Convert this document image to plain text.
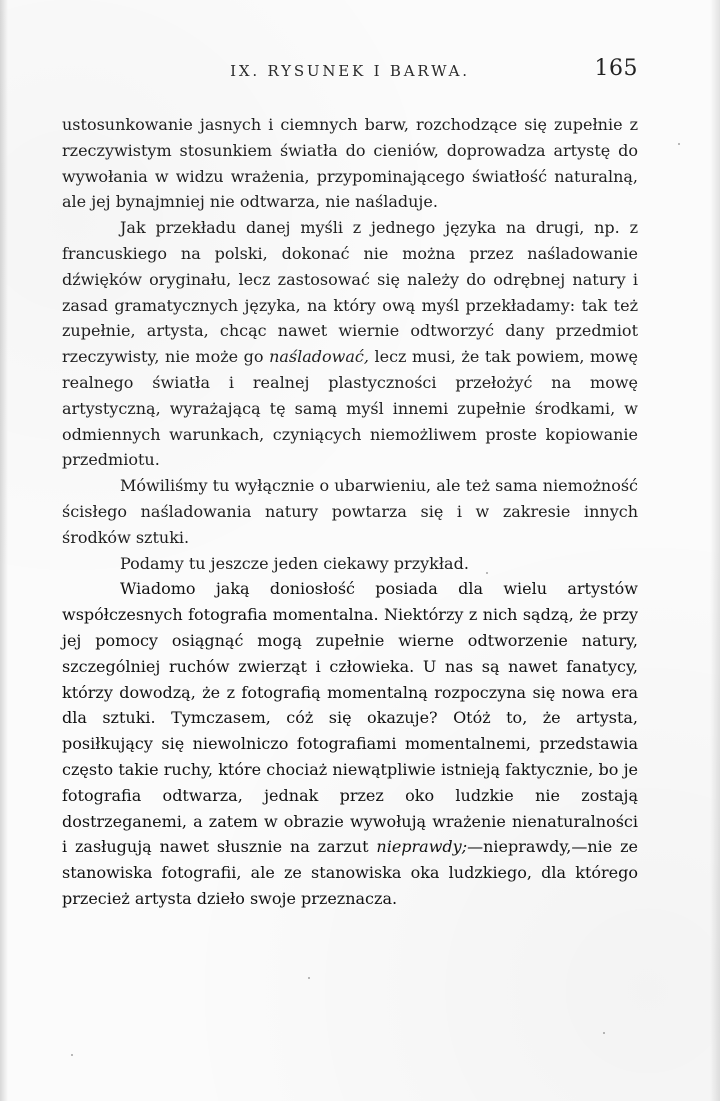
IX. RYSUNEK I BARWA.	165

ustosunkowanie jasnych i ciemnych barw, rozchodzące się zupełnie z rzeczywistym stosunkiem światła do cieniów, doprowadza artystę do wywołania w widzu wrażenia, przypominającego światłość naturalną, ale jej bynajmniej nie odtwarza, nie naśladuje.

Jak przekładu danej myśli z jednego języka na drugi, np. z francuskiego na polski, dokonać nie można przez naśladowanie dźwięków oryginału, lecz zastosować się należy do odrębnej natury i zasad gramatycznych języka, na który ową myśl przekładamy: tak też zupełnie, artysta, chcąc nawet wiernie odtworzyć dany przedmiot rzeczywisty, nie może go naśladować, lecz musi, że tak powiem, mowę realnego światła i realnej plastyczności przełożyć na mowę artystyczną, wyrażającą tę samą myśl innemi zupełnie środkami, w odmiennych warunkach, czyniących niemożliwem proste kopiowanie przedmiotu.

Mówiliśmy tu wyłącznie o ubarwieniu, ale też sama niemożność ścisłego naśladowania natury powtarza się i w zakresie innych środków sztuki.

Podamy tu jeszcze jeden ciekawy przykład.

Wiadomo jaką doniosłość posiada dla wielu artystów współczesnych fotografia momentalna. Niektórzy z nich sądzą, że przy jej pomocy osiągnąć mogą zupełnie wierne odtworzenie natury, szczególniej ruchów zwierząt i człowieka. U nas są nawet fanatycy, którzy dowodzą, że z fotografią momentalną rozpoczyna się nowa era dla sztuki. Tymczasem, cóż się okazuje? Otóż to, że artysta, posiłkujący się niewolniczo fotografiami momentalnemi, przedstawia często takie ruchy, które chociaż niewątpliwie istnieją faktycznie, bo je fotografia odtwarza, jednak przez oko ludzkie nie zostają dostrzeganemi, a zatem w obrazie wywołują wrażenie nienaturalności i zasługują nawet słusznie na zarzut nieprawdy;—nieprawdy,—nie ze stanowiska fotografii, ale ze stanowiska oka ludzkiego, dla którego przecież artysta dzieło swoje przeznacza.
